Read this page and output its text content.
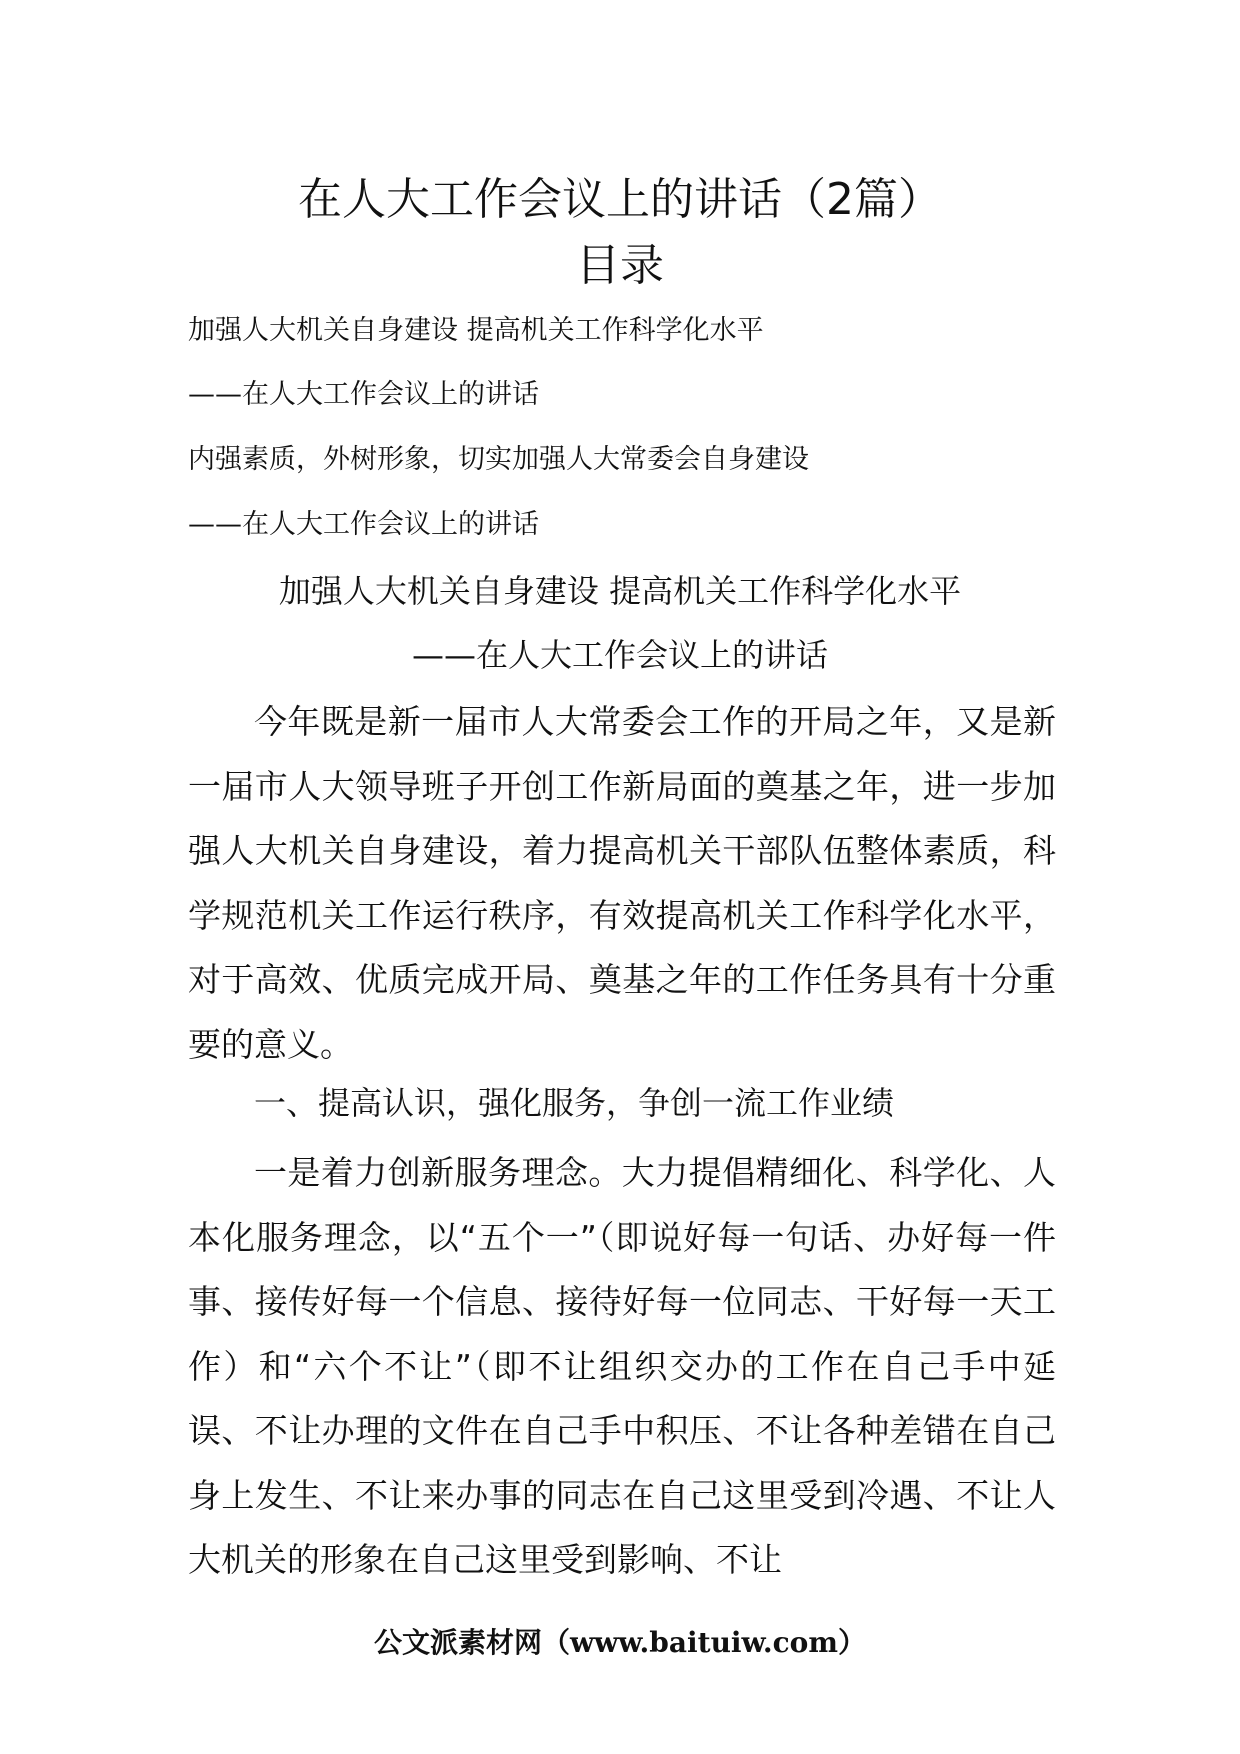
在人大工作会议上的讲话（2篇）
目录
加强人大机关自身建设 提高机关工作科学化水平
——在人大工作会议上的讲话
内强素质，外树形象，切实加强人大常委会自身建设
——在人大工作会议上的讲话
加强人大机关自身建设 提高机关工作科学化水平
——在人大工作会议上的讲话
今年既是新一届市人大常委会工作的开局之年，又是新一届市人大领导班子开创工作新局面的奠基之年，进一步加强人大机关自身建设，着力提高机关干部队伍整体素质，科学规范机关工作运行秩序，有效提高机关工作科学化水平，对于高效、优质完成开局、奠基之年的工作任务具有十分重要的意义。
一、提高认识，强化服务，争创一流工作业绩
一是着力创新服务理念。大力提倡精细化、科学化、人本化服务理念，以“五个一”（即说好每一句话、办好每一件事、接传好每一个信息、接待好每一位同志、干好每一天工作）和“六个不让”（即不让组织交办的工作在自己手中延误、不让办理的文件在自己手中积压、不让各种差错在自己身上发生、不让来办事的同志在自己这里受到冷遇、不让人大机关的形象在自己这里受到影响、不让
公文派素材网（www.baituiw.com）
